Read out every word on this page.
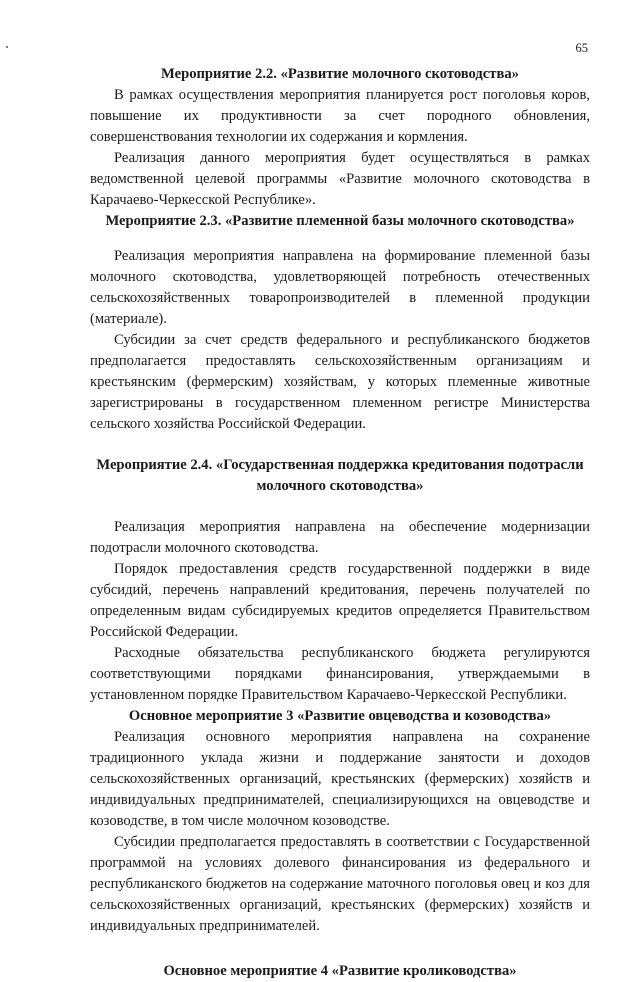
65

Мероприятие 2.2. «Развитие молочного скотоводства»

В рамках осуществления мероприятия планируется рост поголовья коров, повышение их продуктивности за счет породного обновления, совершенствования технологии их содержания и кормления.

Реализация данного мероприятия будет осуществляться в рамках ведомственной целевой программы «Развитие молочного скотоводства в Карачаево-Черкесской Республике».

Мероприятие 2.3. «Развитие племенной базы молочного скотоводства»

Реализация мероприятия направлена на формирование племенной базы молочного скотоводства, удовлетворяющей потребность отечественных сельскохозяйственных товаропроизводителей в племенной продукции (материале).

Субсидии за счет средств федерального и республиканского бюджетов предполагается предоставлять сельскохозяйственным организациям и крестьянским (фермерским) хозяйствам, у которых племенные животные зарегистрированы в государственном племенном регистре Министерства сельского хозяйства Российской Федерации.

Мероприятие 2.4. «Государственная поддержка кредитования подотрасли молочного скотоводства»

Реализация мероприятия направлена на обеспечение модернизации подотрасли молочного скотоводства.

Порядок предоставления средств государственной поддержки в виде субсидий, перечень направлений кредитования, перечень получателей по определенным видам субсидируемых кредитов определяется Правительством Российской Федерации.

Расходные обязательства республиканского бюджета регулируются соответствующими порядками финансирования, утверждаемыми в установленном порядке Правительством Карачаево-Черкесской Республики.

Основное мероприятие 3 «Развитие овцеводства и козоводства»

Реализация основного мероприятия направлена на сохранение традиционного уклада жизни и поддержание занятости и доходов сельскохозяйственных организаций, крестьянских (фермерских) хозяйств и индивидуальных предпринимателей, специализирующихся на овцеводстве и козоводстве, в том числе молочном козоводстве.

Субсидии предполагается предоставлять в соответствии с Государственной программой на условиях долевого финансирования из федерального и республиканского бюджетов на содержание маточного поголовья овец и коз для сельскохозяйственных организаций, крестьянских (фермерских) хозяйств и индивидуальных предпринимателей.

Основное мероприятие 4 «Развитие кролиководства»
